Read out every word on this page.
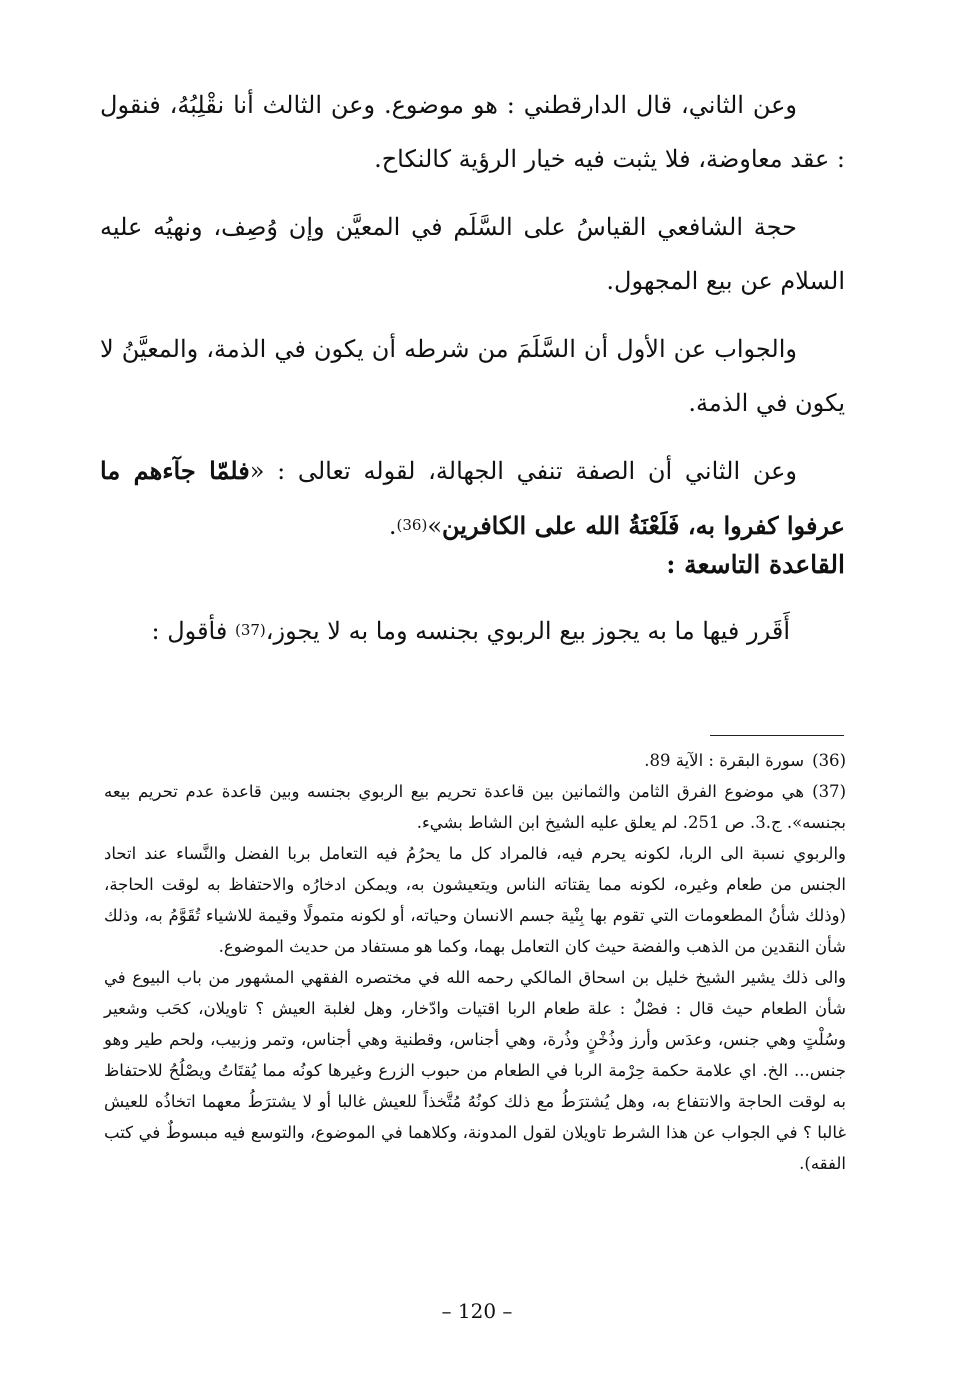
وعن الثاني، قال الدارقطني : هو موضوع. وعن الثالث أنا نقْلِبُهُ، فنقول : عقد معاوضة، فلا يثبت فيه خيار الرؤية كالنكاح.

حجة الشافعي القياسُ على السَّلَم في المعيَّن وإن وُصِف، ونهيُه عليه السلام عن بيع المجهول.

والجواب عن الأول أن السَّلَمَ من شرطه أن يكون في الذمة، والمعيَّنُ لا يكون في الذمة.

وعن الثاني أن الصفة تنفي الجهالة، لقوله تعالى : «فلمّا جآءهم ما عرفوا كفروا به، فَلَعْنَةُ الله على الكافرين»$^{(36)}$.

القاعدة التاسعة :
أَقَرر فيها ما به يجوز بيع الربوي بجنسه وما به لا يجوز،$^{(37)}$ فأقول :

(36)سورة البقرة : الآية 89.

(37)هي موضوع الفرق الثامن والثمانين بين قاعدة تحريم بيع الربوي بجنسه وبين قاعدة عدم تحريم بيعه بجنسه». ج.3. ص 251. لم يعلق عليه الشيخ ابن الشاط بشيء.

والربوي نسبة الى الربا، لكونه يحرم فيه، فالمراد كل ما يحرُمُ فيه التعامل بربا الفضل والنَّساء عند اتحاد الجنس من طعام وغيره، لكونه مما يقتاته الناس ويتعيشون به، ويمكن ادخارُه والاحتفاظ به لوقت الحاجة، (وذلك شأنُ المطعومات التي تقوم بها بِنْية جسم الانسان وحياته، أو لكونه متمولًا وقيمة للاشياء تُقَوَّمُ به، وذلك شأن النقدين من الذهب والفضة حيث كان التعامل بهما، وكما هو مستفاد من حديث الموضوع.

والى ذلك يشير الشيخ خليل بن اسحاق المالكي رحمه الله في مختصره الفقهي المشهور من باب البيوع في شأن الطعام حيث قال : فصْلٌ : علة طعام الربا اقتيات وادّخار، وهل لغلبة العيش ؟ تاويلان، كحَب وشعير وسُلْتٍ وهي جنس، وعدَس وأرز وذُخْنٍ وذُرة، وهي أجناس، وقطنية وهي أجناس، وتمر وزبيب، ولحم طير وهو جنس... الخ. اي علامة حكمة حِرْمة الربا في الطعام من حبوب الزرع وغيرها كونُه مما يُقتَاتُ ويصْلُحُ للاحتفاظ به لوقت الحاجة والانتفاع به، وهل يُشترَطُ مع ذلك كونُهُ مُتَّخذاً للعيش غالبا أو لا يشترَطُ معهما اتخاذُه للعيش غالبا ؟ في الجواب عن هذا الشرط تاويلان لقول المدونة، وكلاهما في الموضوع، والتوسع فيه مبسوطٌ في كتب الفقه).

– 120 –
